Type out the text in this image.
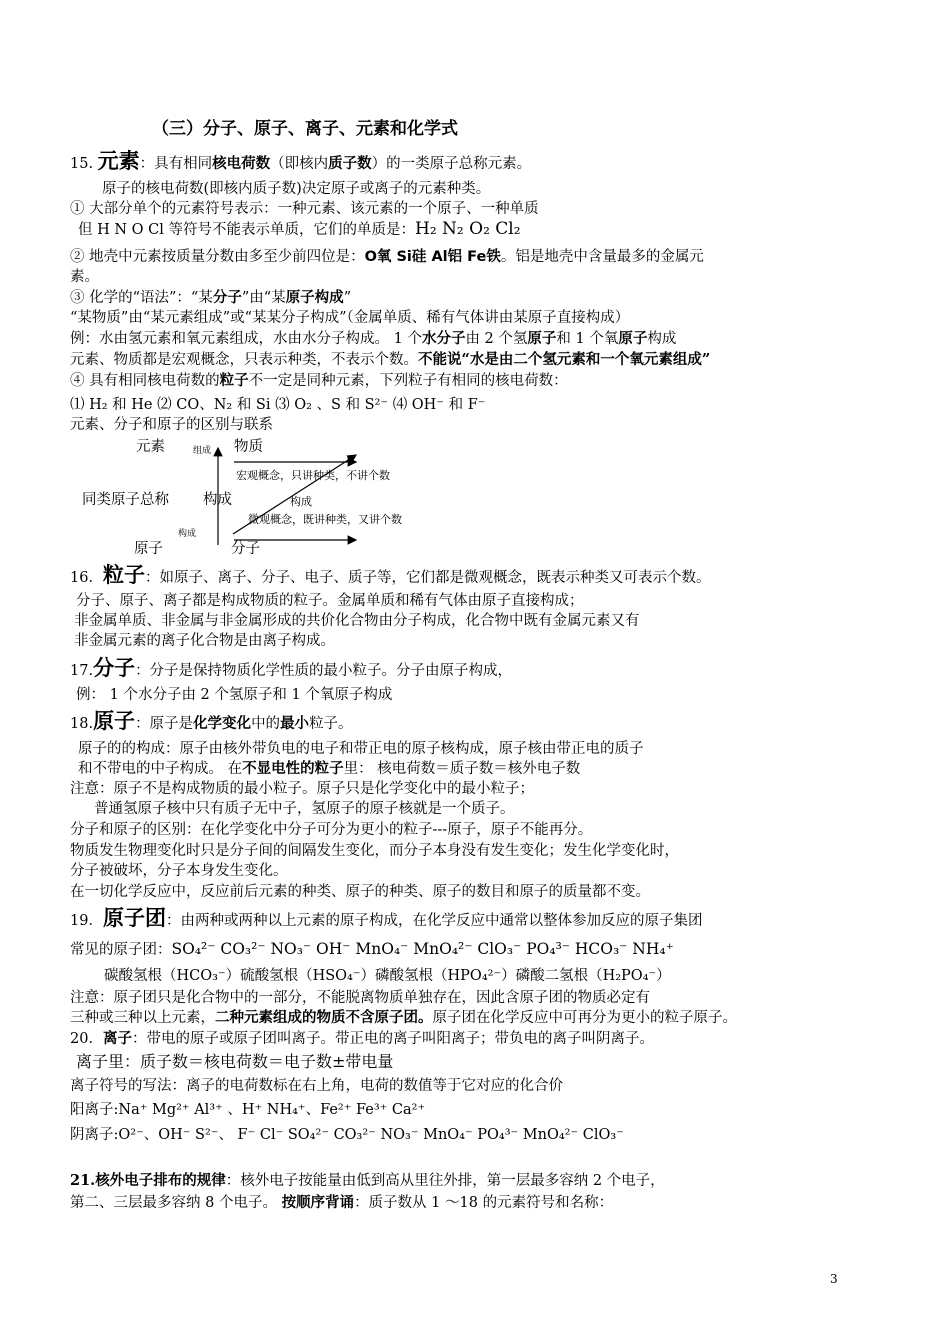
（三）分子、原子、离子、元素和化学式
15. 元素：具有相同核电荷数（即核内质子数）的一类原子总称元素。
原子的核电荷数(即核内质子数)决定原子或离子的元素种类。
① 大部分单个的元素符号表示：一种元素、该元素的一个原子、一种单质
但 H N O Cl 等符号不能表示单质，它们的单质是：H₂ N₂ O₂ Cl₂
② 地壳中元素按质量分数由多至少前四位是：O氧 Si硅 Al铝 Fe铁。铝是地壳中含量最多的金属元
素。
③ 化学的“语法”：“某分子”由“某原子构成”
“某物质”由“某元素组成”或“某某分子构成”（金属单质、稀有气体讲由某原子直接构成）
例：水由氢元素和氧元素组成，水由水分子构成。 1 个水分子由 2 个氢原子和 1 个氧原子构成
元素、物质都是宏观概念，只表示种类，不表示个数。不能说“水是由二个氢元素和一个氧元素组成”
④ 具有相同核电荷数的粒子不一定是同种元素，下列粒子有相同的核电荷数：
⑴ H₂ 和 He ⑵ CO、N₂ 和 Si ⑶ O₂ 、S 和 S²⁻ ⑷ OH⁻ 和 F⁻
元素、分子和原子的区别与联系
元素	组成 物质
宏观概念，只讲种类，不讲个数
同类原子总称 构成	构成
微观概念，既讲种类，又讲个数
构成
原子	分子
16．粒子：如原子、离子、分子、电子、质子等，它们都是微观概念，既表示种类又可表示个数。
分子、原子、离子都是构成物质的粒子。金属单质和稀有气体由原子直接构成；
非金属单质、非金属与非金属形成的共价化合物由分子构成，化合物中既有金属元素又有
非金属元素的离子化合物是由离子构成。
17.分子：分子是保持物质化学性质的最小粒子。分子由原子构成，
例： 1 个水分子由 2 个氢原子和 1 个氧原子构成
18.原子：原子是化学变化中的最小粒子。
原子的的构成：原子由核外带负电的电子和带正电的原子核构成，原子核由带正电的质子
和不带电的中子构成。 在不显电性的粒子里： 核电荷数＝质子数＝核外电子数
注意：原子不是构成物质的最小粒子。原子只是化学变化中的最小粒子；
普通氢原子核中只有质子无中子，氢原子的原子核就是一个质子。
分子和原子的区别：在化学变化中分子可分为更小的粒子---原子，原子不能再分。
物质发生物理变化时只是分子间的间隔发生变化，而分子本身没有发生变化；发生化学变化时，
分子被破坏，分子本身发生变化。
在一切化学反应中，反应前后元素的种类、原子的种类、原子的数目和原子的质量都不变。
19．原子团：由两种或两种以上元素的原子构成，在化学反应中通常以整体参加反应的原子集团
常见的原子团：SO₄²⁻ CO₃²⁻ NO₃⁻ OH⁻ MnO₄⁻ MnO₄²⁻ ClO₃⁻ PO₄³⁻ HCO₃⁻ NH₄⁺
碳酸氢根（HCO₃⁻）硫酸氢根（HSO₄⁻）磷酸氢根（HPO₄²⁻）磷酸二氢根（H₂PO₄⁻）
注意：原子团只是化合物中的一部分，不能脱离物质单独存在，因此含原子团的物质必定有
三种或三种以上元素，二种元素组成的物质不含原子团。原子团在化学反应中可再分为更小的粒子原子。
20．离子：带电的原子或原子团叫离子。带正电的离子叫阳离子；带负电的离子叫阴离子。
离子里：质子数＝核电荷数＝电子数±带电量
离子符号的写法：离子的电荷数标在右上角，电荷的数值等于它对应的化合价
阳离子:Na⁺ Mg²⁺ Al³⁺ 、H⁺ NH₄⁺、Fe²⁺ Fe³⁺ Ca²⁺
阴离子:O²⁻、OH⁻ S²⁻、 F⁻ Cl⁻ SO₄²⁻ CO₃²⁻ NO₃⁻ MnO₄⁻ PO₄³⁻ MnO₄²⁻ ClO₃⁻
21.核外电子排布的规律：核外电子按能量由低到高从里往外排，第一层最多容纳 2 个电子，
第二、三层最多容纳 8 个电子。 按顺序背诵：质子数从 1 ～18 的元素符号和名称：
3
